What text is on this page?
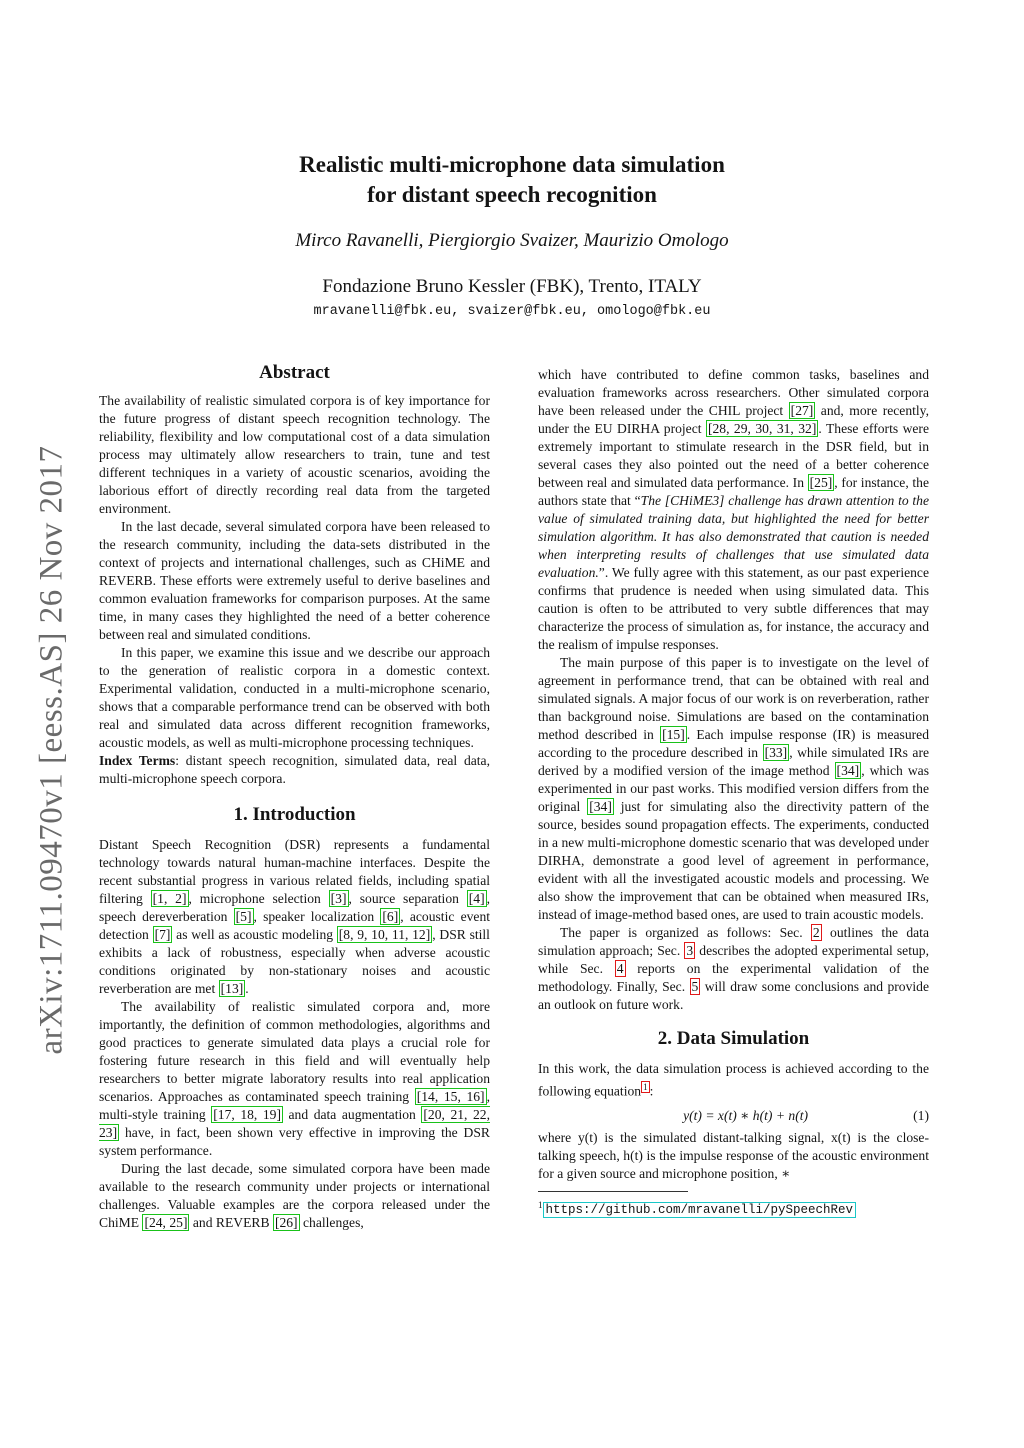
arXiv:1711.09470v1 [eess.AS] 26 Nov 2017
Realistic multi-microphone data simulation
for distant speech recognition
Mirco Ravanelli, Piergiorgio Svaizer, Maurizio Omologo
Fondazione Bruno Kessler (FBK), Trento, ITALY
mravanelli@fbk.eu, svaizer@fbk.eu, omologo@fbk.eu
Abstract

The availability of realistic simulated corpora is of key importance for the future progress of distant speech recognition technology. The reliability, flexibility and low computational cost of a data simulation process may ultimately allow researchers to train, tune and test different techniques in a variety of acoustic scenarios, avoiding the laborious effort of directly recording real data from the targeted environment.

In the last decade, several simulated corpora have been released to the research community, including the data-sets distributed in the context of projects and international challenges, such as CHiME and REVERB. These efforts were extremely useful to derive baselines and common evaluation frameworks for comparison purposes. At the same time, in many cases they highlighted the need of a better coherence between real and simulated conditions.

In this paper, we examine this issue and we describe our approach to the generation of realistic corpora in a domestic context. Experimental validation, conducted in a multi-microphone scenario, shows that a comparable performance trend can be observed with both real and simulated data across different recognition frameworks, acoustic models, as well as multi-microphone processing techniques.

Index Terms: distant speech recognition, simulated data, real data, multi-microphone speech corpora.

1. Introduction

Distant Speech Recognition (DSR) represents a fundamental technology towards natural human-machine interfaces. Despite the recent substantial progress in various related fields, including spatial filtering [1, 2] , microphone selection [3] , source separation [4] , speech dereverberation [5] , speaker localization [6] , acoustic event detection [7] as well as acoustic modeling [8, 9, 10, 11, 12] , DSR still exhibits a lack of robustness, especially when adverse acoustic conditions originated by non-stationary noises and acoustic reverberation are met [13] .

The availability of realistic simulated corpora and, more importantly, the definition of common methodologies, algorithms and good practices to generate simulated data plays a crucial role for fostering future research in this field and will eventually help researchers to better migrate laboratory results into real application scenarios. Approaches as contaminated speech training [14, 15, 16] , multi-style training [17, 18, 19] and data augmentation [20, 21, 22, 23] have, in fact, been shown very effective in improving the DSR system performance.

During the last decade, some simulated corpora have been made available to the research community under projects or international challenges. Valuable examples are the corpora released under the ChiME [24, 25] and REVERB [26] challenges,

which have contributed to define common tasks, baselines and evaluation frameworks across researchers. Other simulated corpora have been released under the CHIL project [27] and, more recently, under the EU DIRHA project [28, 29, 30, 31, 32] . These efforts were extremely important to stimulate research in the DSR field, but in several cases they also pointed out the need of a better coherence between real and simulated data performance. In [25] , for instance, the authors state that “The [CHiME3] challenge has drawn attention to the value of simulated training data, but highlighted the need for better simulation algorithm. It has also demonstrated that caution is needed when interpreting results of challenges that use simulated data evaluation.”. We fully agree with this statement, as our past experience confirms that prudence is needed when using simulated data. This caution is often to be attributed to very subtle differences that may characterize the process of simulation as, for instance, the accuracy and the realism of impulse responses.

The main purpose of this paper is to investigate on the level of agreement in performance trend, that can be obtained with real and simulated signals. A major focus of our work is on reverberation, rather than background noise. Simulations are based on the contamination method described in [15] . Each impulse response (IR) is measured according to the procedure described in [33] , while simulated IRs are derived by a modified version of the image method [34] , which was experimented in our past works. This modified version differs from the original [34] just for simulating also the directivity pattern of the source, besides sound propagation effects. The experiments, conducted in a new multi-microphone domestic scenario that was developed under DIRHA, demonstrate a good level of agreement in performance, evident with all the investigated acoustic models and processing. We also show the improvement that can be obtained when measured IRs, instead of image-method based ones, are used to train acoustic models.

The paper is organized as follows: Sec. 2 outlines the data simulation approach; Sec. 3 describes the adopted experimental setup, while Sec. 4 reports on the experimental validation of the methodology. Finally, Sec. 5 will draw some conclusions and provide an outlook on future work.

2. Data Simulation

In this work, the data simulation process is achieved according to the following equation $^1$ :

y(t) = x(t) ∗ h(t) + n(t)	(1)

where y(t) is the simulated distant-talking signal, x(t) is the close-talking speech, h(t) is the impulse response of the acoustic environment for a given source and microphone position, ∗

$^1$ https://github.com/mravanelli/pySpeechRev
